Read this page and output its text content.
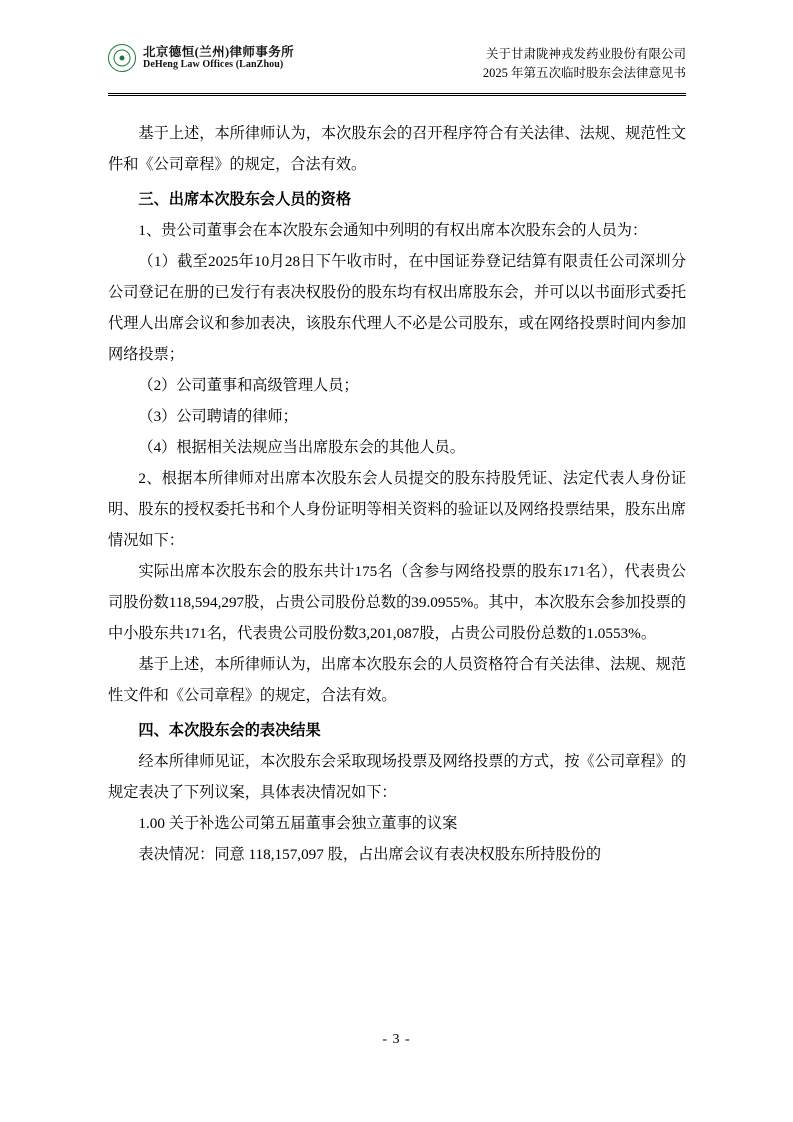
北京德恒(兰州)律师事务所
DeHeng Law Offices (LanZhou)
关于甘肃陇神戎发药业股份有限公司
2025 年第五次临时股东会法律意见书

基于上述，本所律师认为，本次股东会的召开程序符合有关法律、法规、规范性文件和《公司章程》的规定，合法有效。

三、出席本次股东会人员的资格

1、贵公司董事会在本次股东会通知中列明的有权出席本次股东会的人员为：

（1）截至2025年10月28日下午收市时，在中国证券登记结算有限责任公司深圳分公司登记在册的已发行有表决权股份的股东均有权出席股东会，并可以以书面形式委托代理人出席会议和参加表决，该股东代理人不必是公司股东，或在网络投票时间内参加网络投票；

（2）公司董事和高级管理人员；

（3）公司聘请的律师；

（4）根据相关法规应当出席股东会的其他人员。

2、根据本所律师对出席本次股东会人员提交的股东持股凭证、法定代表人身份证明、股东的授权委托书和个人身份证明等相关资料的验证以及网络投票结果，股东出席情况如下：

实际出席本次股东会的股东共计175名（含参与网络投票的股东171名），代表贵公司股份数118,594,297股，占贵公司股份总数的39.0955%。其中，本次股东会参加投票的中小股东共171名，代表贵公司股份数3,201,087股，占贵公司股份总数的1.0553%。

基于上述，本所律师认为，出席本次股东会的人员资格符合有关法律、法规、规范性文件和《公司章程》的规定，合法有效。

四、本次股东会的表决结果

经本所律师见证，本次股东会采取现场投票及网络投票的方式，按《公司章程》的规定表决了下列议案，具体表决情况如下：

1.00 关于补选公司第五届董事会独立董事的议案

表决情况：同意 118,157,097 股，占出席会议有表决权股东所持股份的

- 3 -
